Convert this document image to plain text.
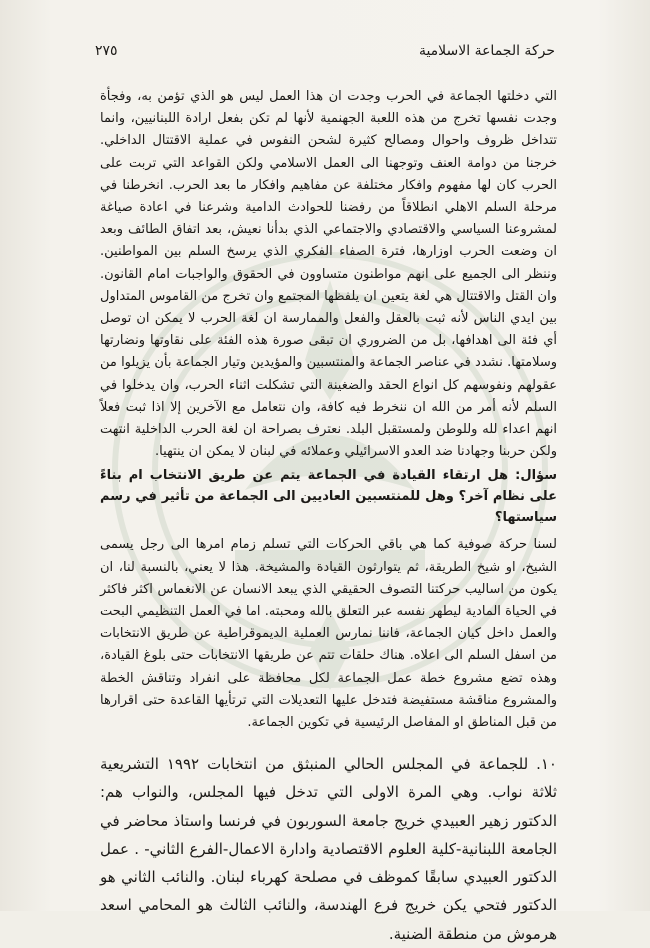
حركة الجماعة الاسلامية
٢٧٥

التي دخلتها الجماعة في الحرب وجدت ان هذا العمل ليس هو الذي تؤمن به، وفجأة وجدت نفسها تخرج من هذه اللعبة الجهنمية لأنها لم تكن بفعل ارادة اللبنانيين، وانما تتداخل ظروف واحوال ومصالح كثيرة لشحن النفوس في عملية الاقتتال الداخلي. خرجنا من دوامة العنف وتوجهنا الى العمل الاسلامي ولكن القواعد التي تربت على الحرب كان لها مفهوم وافكار مختلفة عن مفاهيم وافكار ما بعد الحرب. انخرطنا في مرحلة السلم الاهلي انطلاقاً من رفضنا للحوادث الدامية وشرعنا في اعادة صياغة لمشروعنا السياسي والاقتصادي والاجتماعي الذي بدأنا نعيش، بعد اتفاق الطائف وبعد ان وضعت الحرب اوزارها، فترة الصفاء الفكري الذي يرسخ السلم بين المواطنين. وننظر الى الجميع على انهم مواطنون متساوون في الحقوق والواجبات امام القانون. وان القتل والاقتتال هي لغة يتعين ان يلفظها المجتمع وان تخرج من القاموس المتداول بين ايدي الناس لأنه ثبت بالعقل والفعل والممارسة ان لغة الحرب لا يمكن ان توصل أي فئة الى اهدافها، بل من الضروري ان تبقى صورة هذه الفئة على نقاوتها ونضارتها وسلامتها. نشدد في عناصر الجماعة والمنتسبين والمؤيدين وتيار الجماعة بأن يزيلوا من عقولهم ونفوسهم كل انواع الحقد والضغينة التي تشكلت اثناء الحرب، وان يدخلوا في السلم لأنه أمر من الله ان ننخرط فيه كافة، وان نتعامل مع الآخرين إلا اذا ثبت فعلاً انهم اعداء لله وللوطن ولمستقبل البلد. نعترف بصراحة ان لغة الحرب الداخلية انتهت ولكن حربنا وجهادنا ضد العدو الاسرائيلي وعملائه في لبنان لا يمكن ان ينتهيا.

سؤال: هل ارتقاء القيادة في الجماعة يتم عن طريق الانتخاب ام بناءً على نظام آخر؟ وهل للمنتسبين العاديين الى الجماعة من تأثير في رسم سياستها؟

لسنا حركة صوفية كما هي باقي الحركات التي تسلم زمام امرها الى رجل يسمى الشيخ، او شيخ الطريقة، ثم يتوارثون القيادة والمشيخة. هذا لا يعني، بالنسبة لنا، ان يكون من اساليب حركتنا التصوف الحقيقي الذي يبعد الانسان عن الانغماس اكثر فاكثر في الحياة المادية ليطهر نفسه عبر التعلق بالله ومحبته. اما في العمل التنظيمي البحت والعمل داخل كيان الجماعة، فاننا نمارس العملية الديموقراطية عن طريق الانتخابات من اسفل السلم الى اعلاه. هناك حلقات تتم عن طريقها الانتخابات حتى بلوغ القيادة، وهذه تضع مشروع خطة عمل الجماعة لكل محافظة على انفراد وتناقش الخطة والمشروع مناقشة مستفيضة فتدخل عليها التعديلات التي ترتأيها القاعدة حتى اقرارها من قبل المناطق او المفاصل الرئيسية في تكوين الجماعة.

١٠. للجماعة في المجلس الحالي المنبثق من انتخابات ١٩٩٢ التشريعية ثلاثة نواب. وهي المرة الاولى التي تدخل فيها المجلس، والنواب هم: الدكتور زهير العبيدي خريج جامعة السوربون في فرنسا واستاذ محاضر في الجامعة اللبنانية-كلية العلوم الاقتصادية وادارة الاعمال-الفرع الثاني- . عمل الدكتور العبيدي سابقًا كموظف في مصلحة كهرباء لبنان. والنائب الثاني هو الدكتور فتحي يكن خريج فرع الهندسة، والنائب الثالث هو المحامي اسعد هرموش من منطقة الضنية.
